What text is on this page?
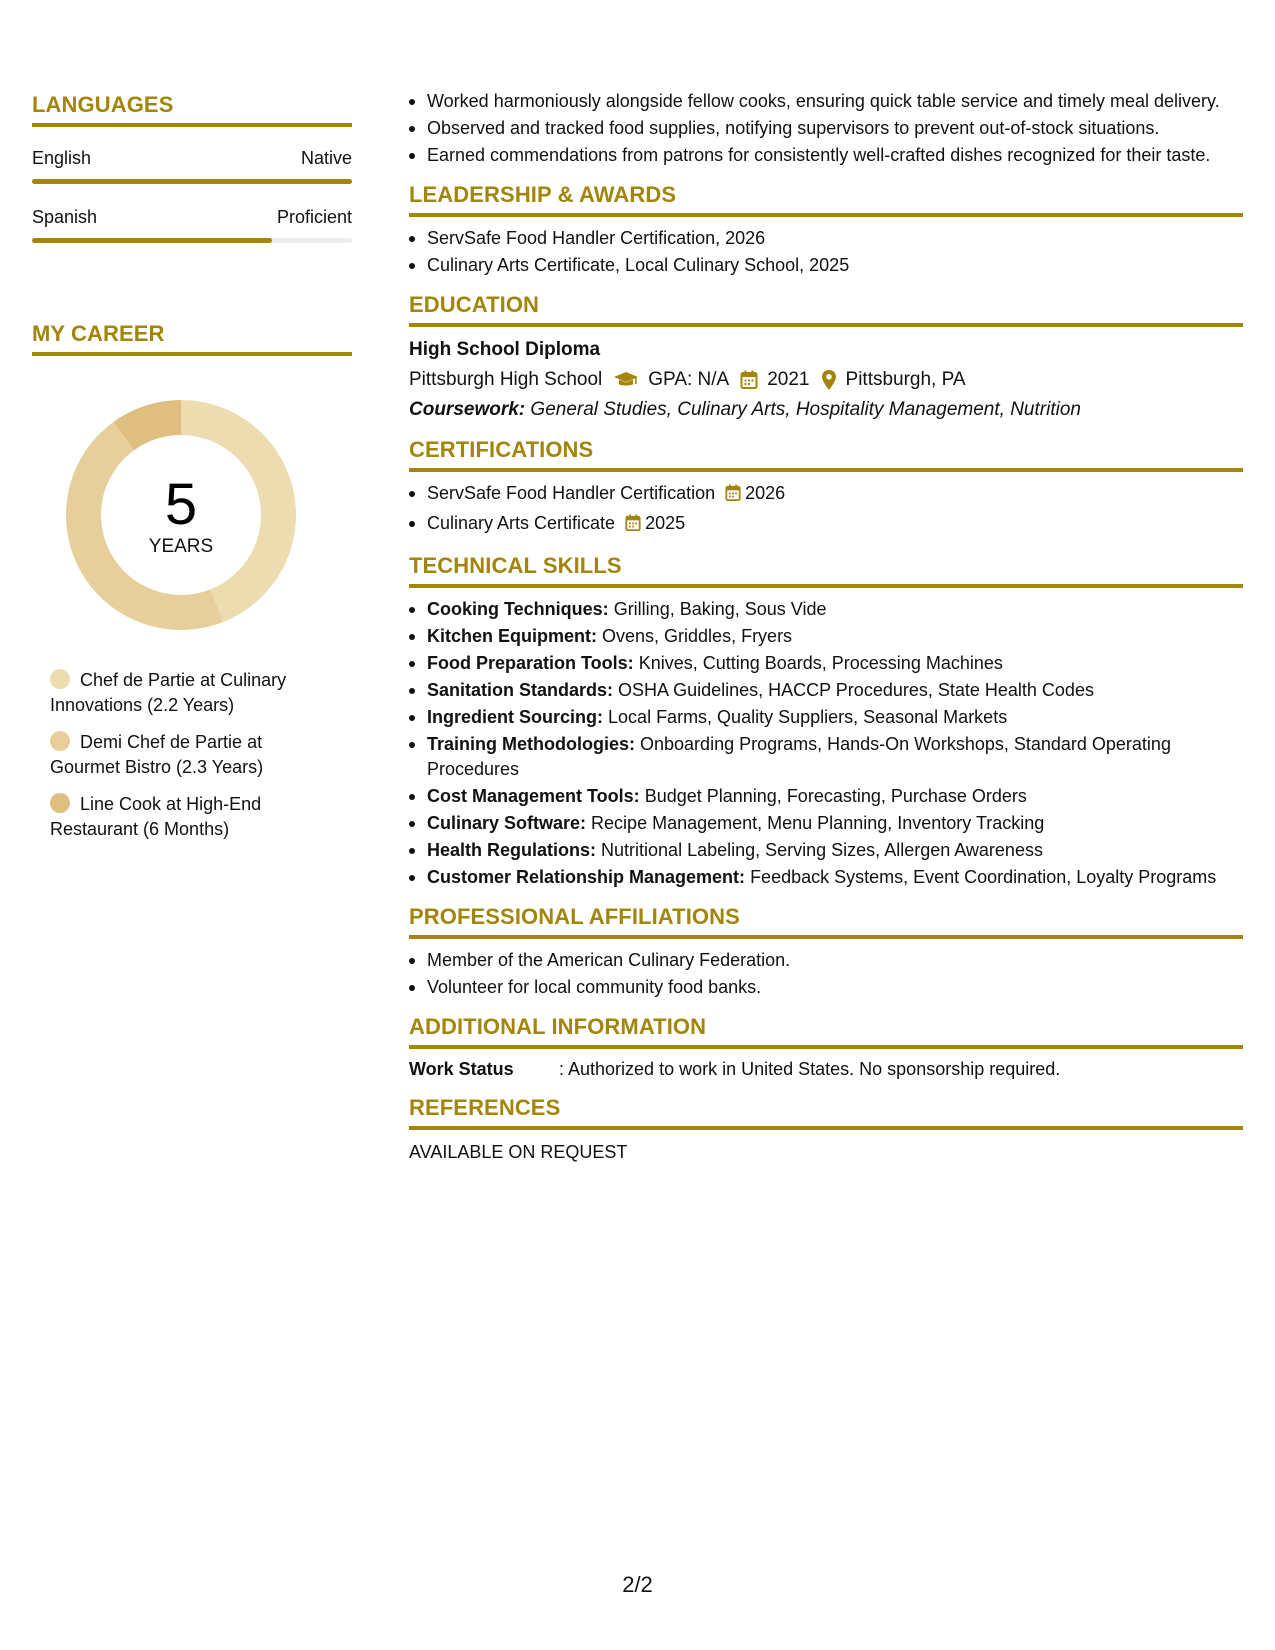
LANGUAGES
English	Native
Spanish	Proficient
MY CAREER
5
YEARS
Chef de Partie at Culinary Innovations (2.2 Years)
Demi Chef de Partie at Gourmet Bistro (2.3 Years)
Line Cook at High-End Restaurant (6 Months)
Worked harmoniously alongside fellow cooks, ensuring quick table service and timely meal delivery.
Observed and tracked food supplies, notifying supervisors to prevent out-of-stock situations.
Earned commendations from patrons for consistently well-crafted dishes recognized for their taste.
LEADERSHIP & AWARDS
ServSafe Food Handler Certification, 2026
Culinary Arts Certificate, Local Culinary School, 2025
EDUCATION
High School Diploma
Pittsburgh High School GPA: N/A 2021 Pittsburgh, PA
Coursework: General Studies, Culinary Arts, Hospitality Management, Nutrition
CERTIFICATIONS
ServSafe Food Handler Certification 2026
Culinary Arts Certificate 2025
TECHNICAL SKILLS
Cooking Techniques: Grilling, Baking, Sous Vide
Kitchen Equipment: Ovens, Griddles, Fryers
Food Preparation Tools: Knives, Cutting Boards, Processing Machines
Sanitation Standards: OSHA Guidelines, HACCP Procedures, State Health Codes
Ingredient Sourcing: Local Farms, Quality Suppliers, Seasonal Markets
Training Methodologies: Onboarding Programs, Hands-On Workshops, Standard Operating Procedures
Cost Management Tools: Budget Planning, Forecasting, Purchase Orders
Culinary Software: Recipe Management, Menu Planning, Inventory Tracking
Health Regulations: Nutritional Labeling, Serving Sizes, Allergen Awareness
Customer Relationship Management: Feedback Systems, Event Coordination, Loyalty Programs
PROFESSIONAL AFFILIATIONS
Member of the American Culinary Federation.
Volunteer for local community food banks.
ADDITIONAL INFORMATION
Work Status	: Authorized to work in United States. No sponsorship required.
REFERENCES
AVAILABLE ON REQUEST
2/2
